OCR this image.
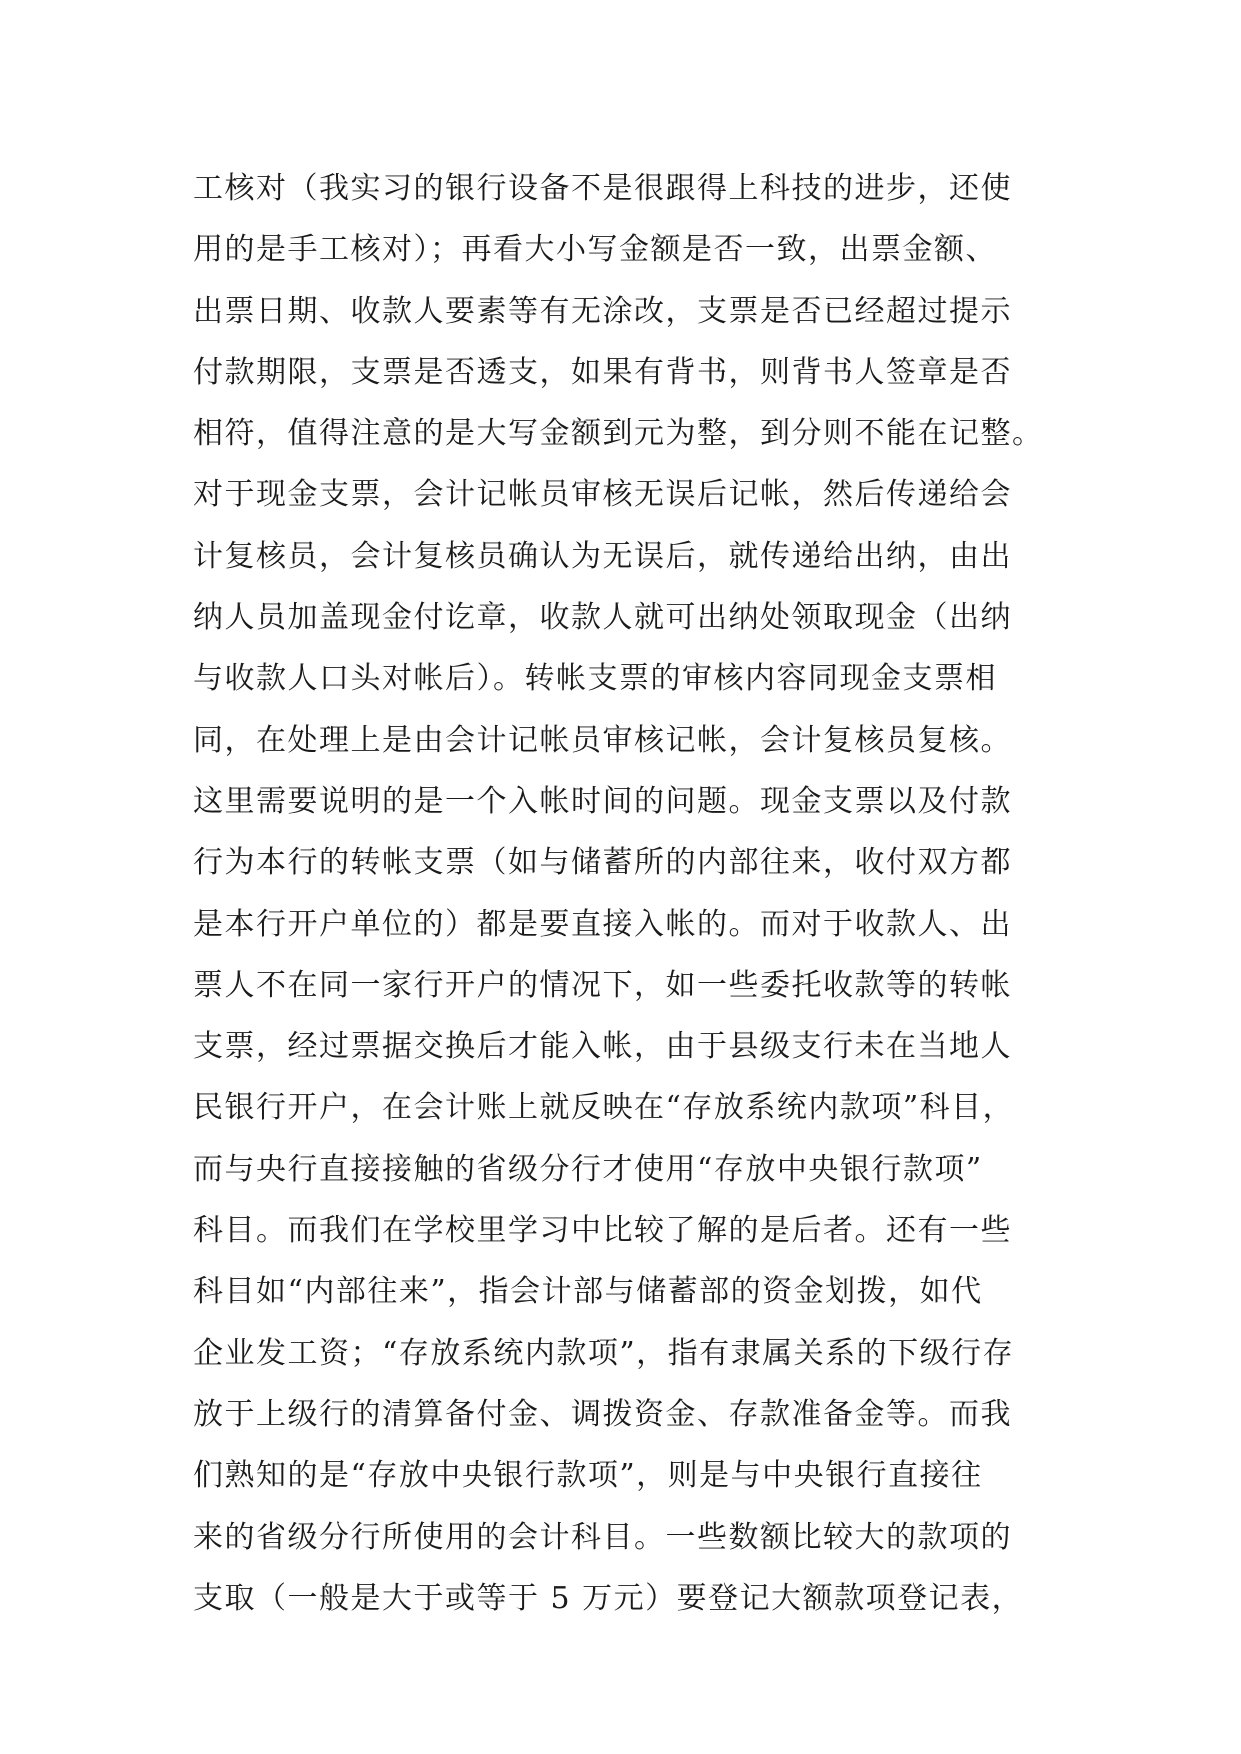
工核对（我实习的银行设备不是很跟得上科技的进步，还使
用的是手工核对）；再看大小写金额是否一致，出票金额、
出票日期、收款人要素等有无涂改，支票是否已经超过提示
付款期限，支票是否透支，如果有背书，则背书人签章是否
相符，值得注意的是大写金额到元为整，到分则不能在记整。
对于现金支票，会计记帐员审核无误后记帐，然后传递给会
计复核员，会计复核员确认为无误后，就传递给出纳，由出
纳人员加盖现金付讫章，收款人就可出纳处领取现金（出纳
与收款人口头对帐后）。转帐支票的审核内容同现金支票相
同，在处理上是由会计记帐员审核记帐，会计复核员复核。
这里需要说明的是一个入帐时间的问题。现金支票以及付款
行为本行的转帐支票（如与储蓄所的内部往来，收付双方都
是本行开户单位的）都是要直接入帐的。而对于收款人、出
票人不在同一家行开户的情况下，如一些委托收款等的转帐
支票，经过票据交换后才能入帐，由于县级支行未在当地人
民银行开户，在会计账上就反映在“存放系统内款项”科目，
而与央行直接接触的省级分行才使用“存放中央银行款项”
科目。而我们在学校里学习中比较了解的是后者。还有一些
科目如“内部往来”，指会计部与储蓄部的资金划拨，如代
企业发工资；“存放系统内款项”，指有隶属关系的下级行存
放于上级行的清算备付金、调拨资金、存款准备金等。而我
们熟知的是“存放中央银行款项”，则是与中央银行直接往
来的省级分行所使用的会计科目。一些数额比较大的款项的
支取（一般是大于或等于 5 万元）要登记大额款项登记表，
